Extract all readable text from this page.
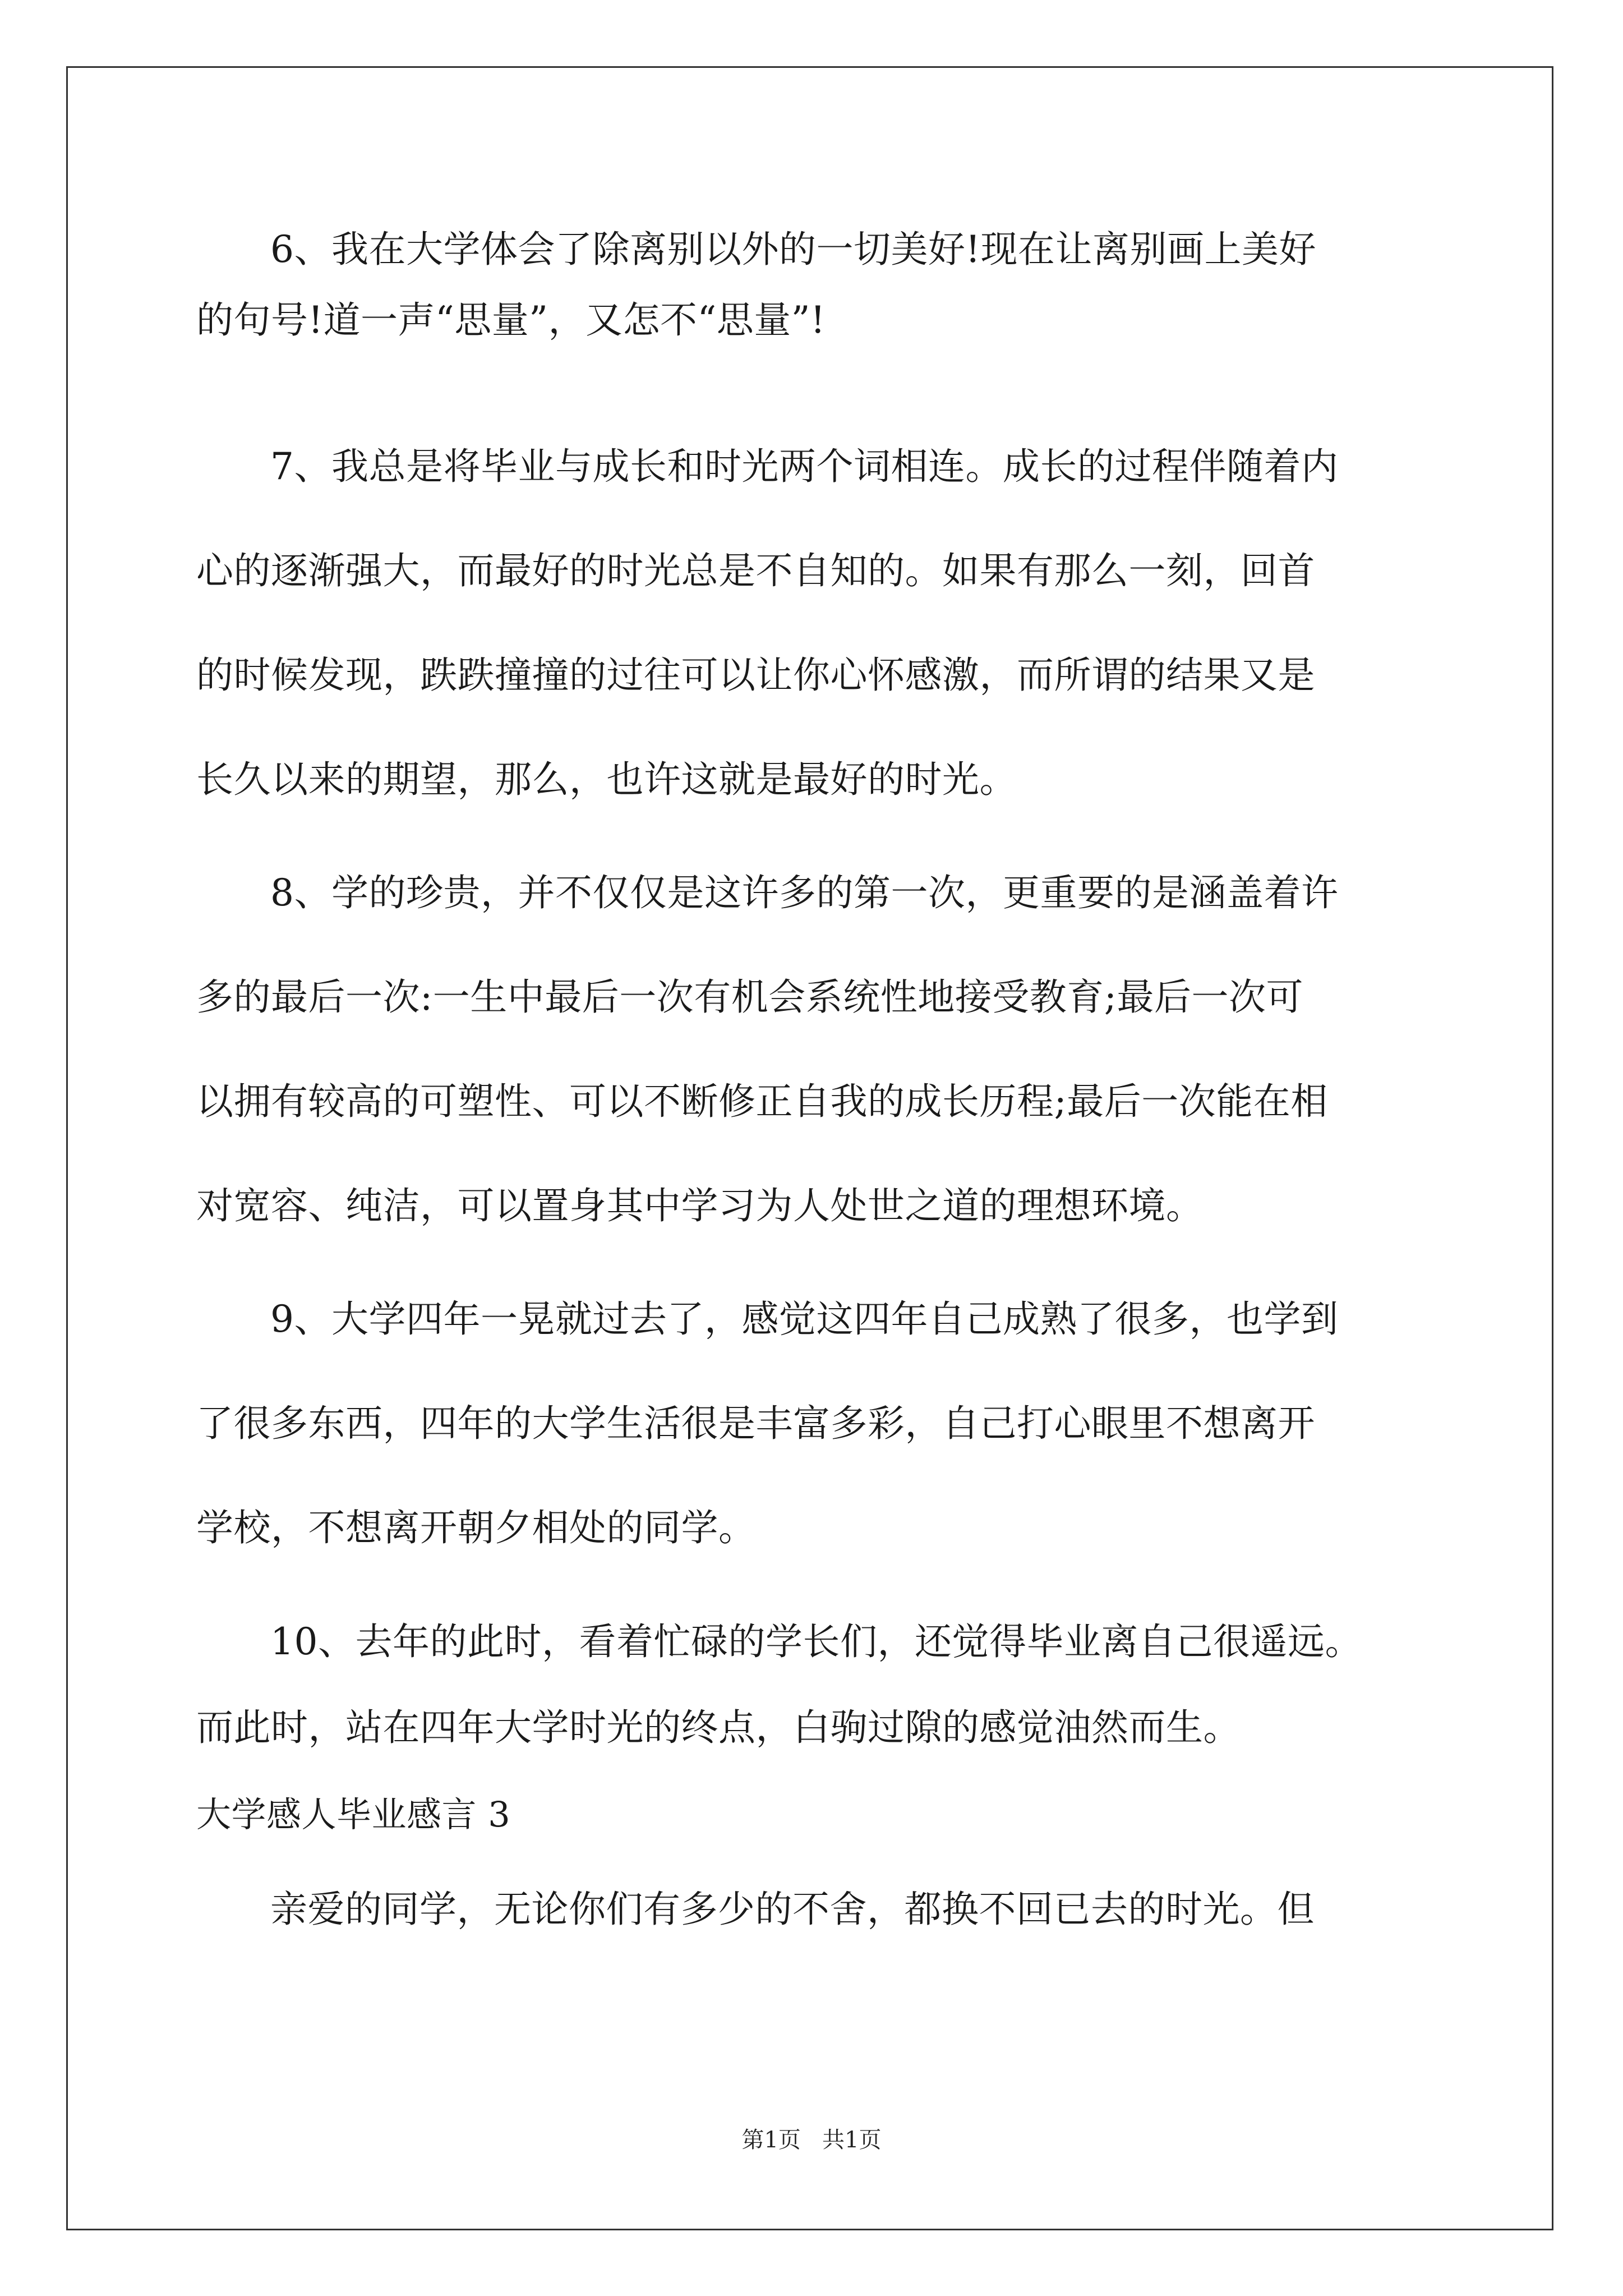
6、我在大学体会了除离别以外的一切美好!现在让离别画上美好
的句号!道一声“思量”，又怎不“思量”!
7、我总是将毕业与成长和时光两个词相连。成长的过程伴随着内
心的逐渐强大，而最好的时光总是不自知的。如果有那么一刻，回首
的时候发现，跌跌撞撞的过往可以让你心怀感激，而所谓的结果又是
长久以来的期望，那么，也许这就是最好的时光。
8、学的珍贵，并不仅仅是这许多的第一次，更重要的是涵盖着许
多的最后一次:一生中最后一次有机会系统性地接受教育;最后一次可
以拥有较高的可塑性、可以不断修正自我的成长历程;最后一次能在相
对宽容、纯洁，可以置身其中学习为人处世之道的理想环境。
9、大学四年一晃就过去了，感觉这四年自己成熟了很多，也学到
了很多东西，四年的大学生活很是丰富多彩，自己打心眼里不想离开
学校，不想离开朝夕相处的同学。
10、去年的此时，看着忙碌的学长们，还觉得毕业离自己很遥远。
而此时，站在四年大学时光的终点，白驹过隙的感觉油然而生。
大学感人毕业感言 3
亲爱的同学，无论你们有多少的不舍，都换不回已去的时光。但
第1页   共1页
